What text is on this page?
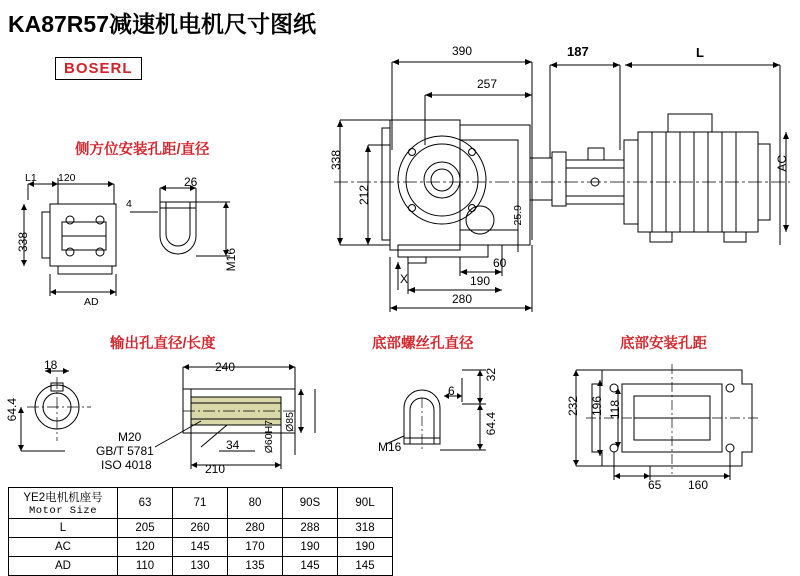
KA87R57减速机电机尺寸图纸
BOSERL
390
257
187	L
338
212
25.9
AC
X
60
190
280
侧方位安装孔距/直径
L1 120	26
4
338
M16
AD
输出孔直径/长度
18
64.4
240
210
34 Ø60H7 Ø85
M20
GB/T 5781
ISO 4018
底部螺丝孔直径
32
6
64.4
M16
底部安装孔距
232 196 118
65 160
YE2电机机座号
Motor Size	63	71	80	90S	90L
L	205	260	280	288	318
AC	120	145	170	190	190
AD	110	130	135	145	145
